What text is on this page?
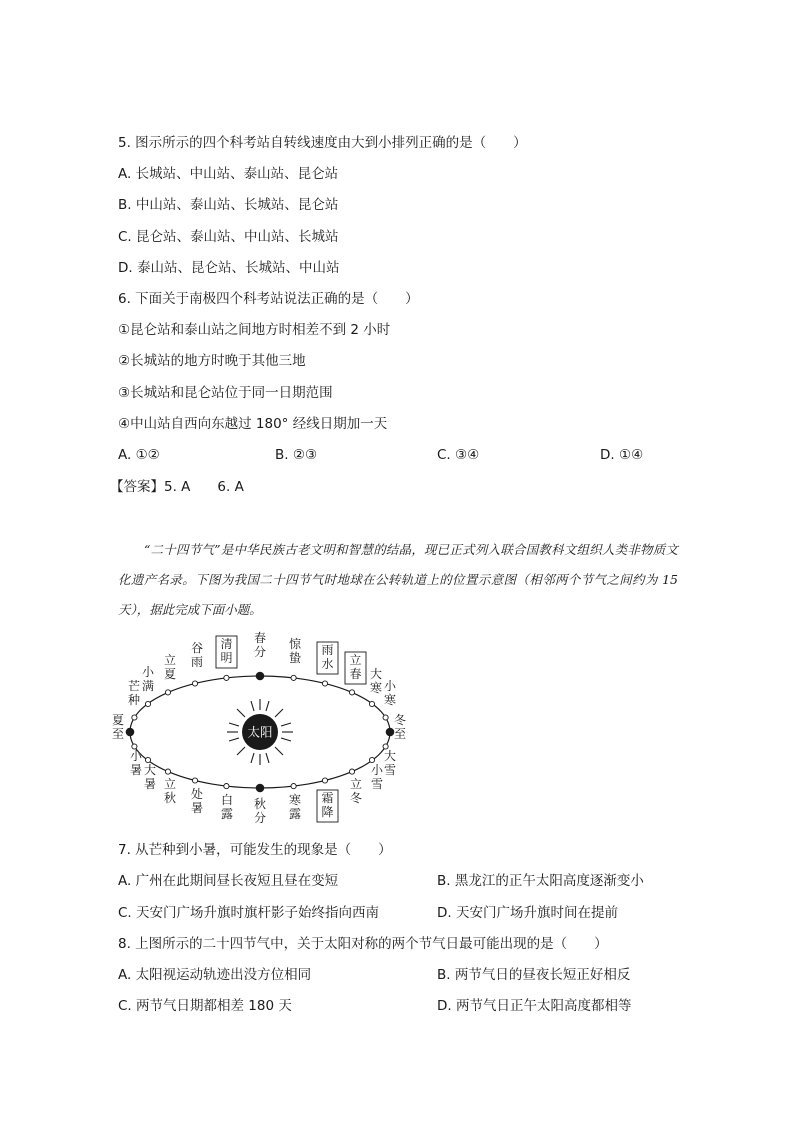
5. 图示所示的四个科考站自转线速度由大到小排列正确的是（　　）
A. 长城站、中山站、泰山站、昆仑站
B. 中山站、泰山站、长城站、昆仑站
C. 昆仑站、泰山站、中山站、长城站
D. 泰山站、昆仑站、长城站、中山站
6. 下面关于南极四个科考站说法正确的是（　　）
①昆仑站和泰山站之间地方时相差不到 2 小时
②长城站的地方时晚于其他三地
③长城站和昆仑站位于同一日期范围
④中山站自西向东越过 180° 经线日期加一天
A. ①②	B. ②③	C. ③④	D. ①④
【答案】5. A　　6. A
“二十四节气”是中华民族古老文明和智慧的结晶，现已正式列入联合国教科文组织人类非物质文化遗产名录。下图为我国二十四节气时地球在公转轨道上的位置示意图（相邻两个节气之间约为 15 天），据此完成下面小题。
太阳
春分
惊蛰
雨水 立春 大寒 小寒
冬至
大雪
小雪
立冬
霜降
寒露
秋分
白露
处暑
立秋
大暑
小暑
夏至
芒种
小满
立夏
谷雨
清明
7. 从芒种到小暑，可能发生的现象是（　　）
A. 广州在此期间昼长夜短且昼在变短	B. 黑龙江的正午太阳高度逐渐变小
C. 天安门广场升旗时旗杆影子始终指向西南	D. 天安门广场升旗时间在提前
8. 上图所示的二十四节气中，关于太阳对称的两个节气日最可能出现的是（　　）
A. 太阳视运动轨迹出没方位相同	B. 两节气日的昼夜长短正好相反
C. 两节气日期都相差 180 天	D. 两节气日正午太阳高度都相等
